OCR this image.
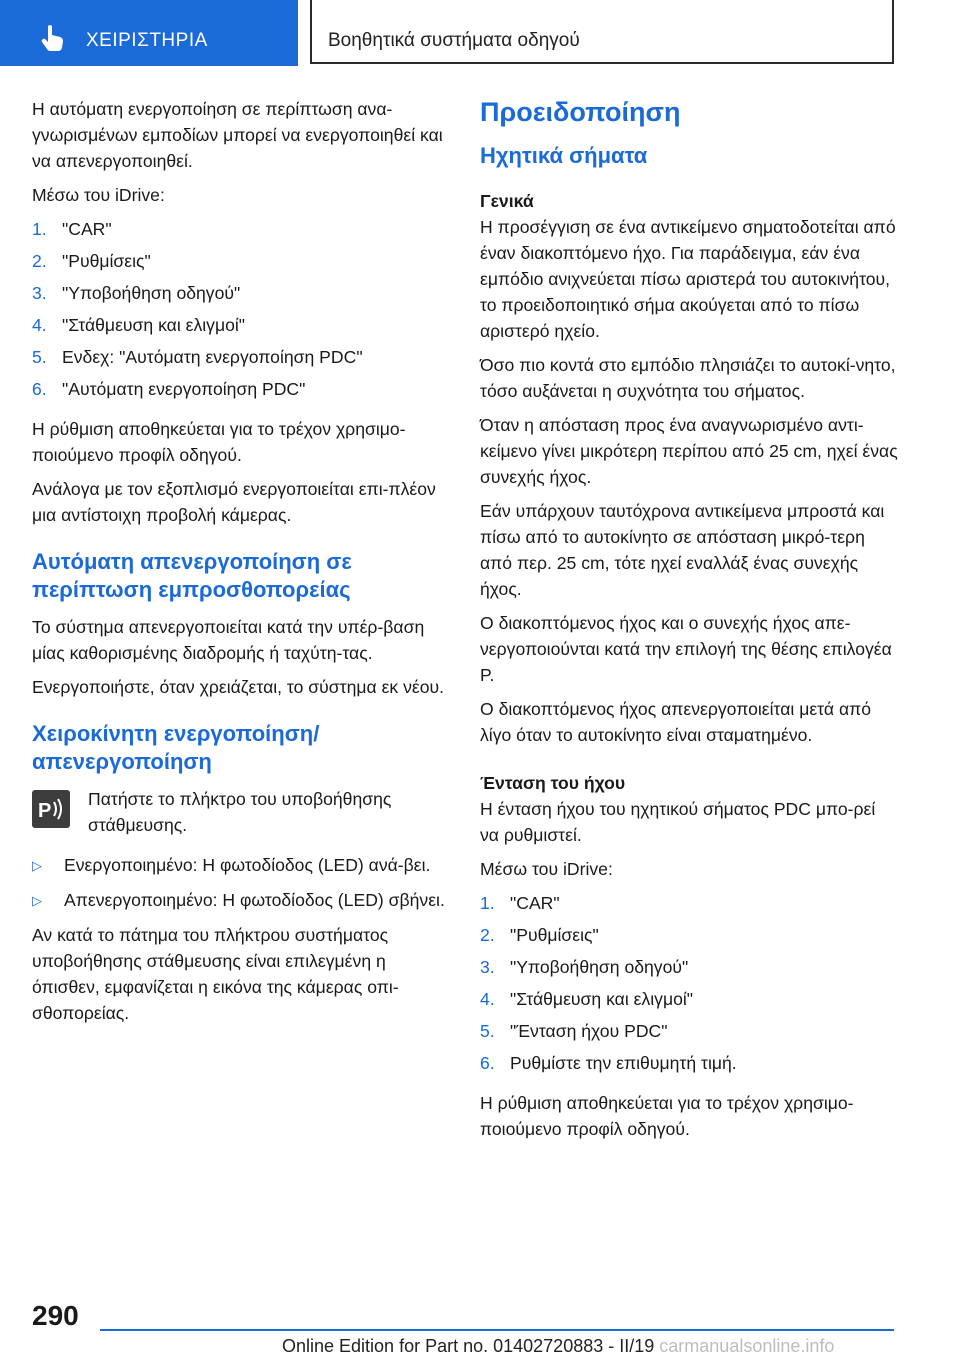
ΧΕΙΡΙΣΤΗΡΙΑ	Βοηθητικά συστήματα οδηγού

Η αυτόματη ενεργοποίηση σε περίπτωση ανα-γνωρισμένων εμποδίων μπορεί να ενεργοποιηθεί και να απενεργοποιηθεί.

Μέσω του iDrive:

1. "CAR"
2. "Ρυθμίσεις"
3. "Υποβοήθηση οδηγού"
4. "Στάθμευση και ελιγμοί"
5. Ενδεχ: "Αυτόματη ενεργοποίηση PDC"
6. "Αυτόματη ενεργοποίηση PDC"

Η ρύθμιση αποθηκεύεται για το τρέχον χρησιμο-ποιούμενο προφίλ οδηγού.

Ανάλογα με τον εξοπλισμό ενεργοποιείται επι-πλέον μια αντίστοιχη προβολή κάμερας.

Αυτόματη απενεργοποίηση σε περίπτωση εμπροσθοπορείας

Το σύστημα απενεργοποιείται κατά την υπέρ-βαση μίας καθορισμένης διαδρομής ή ταχύτη-τας.

Ενεργοποιήστε, όταν χρειάζεται, το σύστημα εκ νέου.

Χειροκίνητη ενεργοποίηση/ απενεργοποίηση
P
Πατήστε το πλήκτρο του υποβοήθησης στάθμευσης.
▷	Ενεργοποιημένο: Η φωτοδίοδος (LED) ανά-βει.
▷	Απενεργοποιημένο: Η φωτοδίοδος (LED) σβήνει.

Αν κατά το πάτημα του πλήκτρου συστήματος υποβοήθησης στάθμευσης είναι επιλεγμένη η όπισθεν, εμφανίζεται η εικόνα της κάμερας οπι-σθοπορείας.

Προειδοποίηση
Ηχητικά σήματα
Γενικά

Η προσέγγιση σε ένα αντικείμενο σηματοδοτείται από έναν διακοπτόμενο ήχο. Για παράδειγμα, εάν ένα εμπόδιο ανιχνεύεται πίσω αριστερά του αυτοκινήτου, το προειδοποιητικό σήμα ακούγεται από το πίσω αριστερό ηχείο.

Όσο πιο κοντά στο εμπόδιο πλησιάζει το αυτοκί-νητο, τόσο αυξάνεται η συχνότητα του σήματος.

Όταν η απόσταση προς ένα αναγνωρισμένο αντι-κείμενο γίνει μικρότερη περίπου από 25 cm, ηχεί ένας συνεχής ήχος.

Εάν υπάρχουν ταυτόχρονα αντικείμενα μπροστά και πίσω από το αυτοκίνητο σε απόσταση μικρό-τερη από περ. 25 cm, τότε ηχεί εναλλάξ ένας συνεχής ήχος.

Ο διακοπτόμενος ήχος και ο συνεχής ήχος απε-νεργοποιούνται κατά την επιλογή της θέσης επιλογέα P.

Ο διακοπτόμενος ήχος απενεργοποιείται μετά από λίγο όταν το αυτοκίνητο είναι σταματημένο.

Ένταση του ήχου

Η ένταση ήχου του ηχητικού σήματος PDC μπο-ρεί να ρυθμιστεί.

Μέσω του iDrive:

1. "CAR"
2. "Ρυθμίσεις"
3. "Υποβοήθηση οδηγού"
4. "Στάθμευση και ελιγμοί"
5. "Ένταση ήχου PDC"
6. Ρυθμίστε την επιθυμητή τιμή.

Η ρύθμιση αποθηκεύεται για το τρέχον χρησιμο-ποιούμενο προφίλ οδηγού.

290
Online Edition for Part no. 01402720883 - II/19 carmanualsonline.info
